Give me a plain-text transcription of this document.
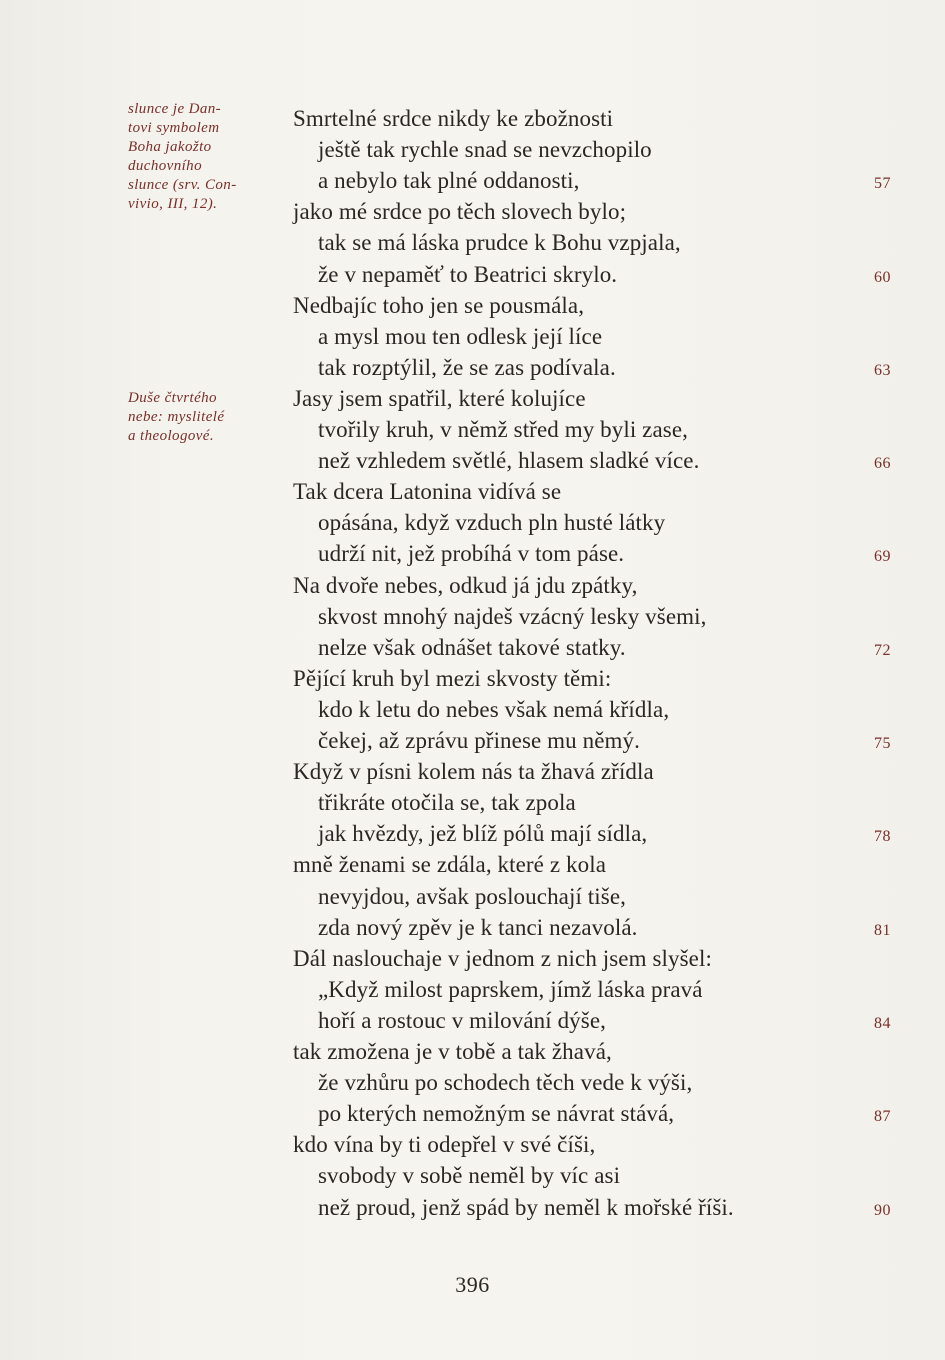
slunce je Dan-
tovi symbolem
Boha jakožto
duchovního
slunce (srv. Con-
vivio, III, 12).
Duše čtvrtého
nebe: myslitelé
a theologové.
Smrtelné srdce nikdy ke zbožnosti
ještě tak rychle snad se nevzchopilo
a nebylo tak plné oddanosti,	57
jako mé srdce po těch slovech bylo;
tak se má láska prudce k Bohu vzpjala,
že v nepaměť to Beatrici skrylo.	60
Nedbajíc toho jen se pousmála,
a mysl mou ten odlesk její líce
tak rozptýlil, že se zas podívala.	63
Jasy jsem spatřil, které kolujíce
tvořily kruh, v němž střed my byli zase,
než vzhledem světlé, hlasem sladké více.	66
Tak dcera Latonina vidívá se
opásána, když vzduch pln husté látky
udrží nit, jež probíhá v tom páse.	69
Na dvoře nebes, odkud já jdu zpátky,
skvost mnohý najdeš vzácný lesky všemi,
nelze však odnášet takové statky.	72
Pějící kruh byl mezi skvosty těmi:
kdo k letu do nebes však nemá křídla,
čekej, až zprávu přinese mu němý.	75
Když v písni kolem nás ta žhavá zřídla
třikráte otočila se, tak zpola
jak hvězdy, jež blíž pólů mají sídla,	78
mně ženami se zdála, které z kola
nevyjdou, avšak poslouchají tiše,
zda nový zpěv je k tanci nezavolá.	81
Dál naslouchaje v jednom z nich jsem slyšel:
„Když milost paprskem, jímž láska pravá
hoří a rostouc v milování dýše,	84
tak zmožena je v tobě a tak žhavá,
že vzhůru po schodech těch vede k výši,
po kterých nemožným se návrat stává,	87
kdo vína by ti odepřel v své číši,
svobody v sobě neměl by víc asi
než proud, jenž spád by neměl k mořské říši.	90
396
